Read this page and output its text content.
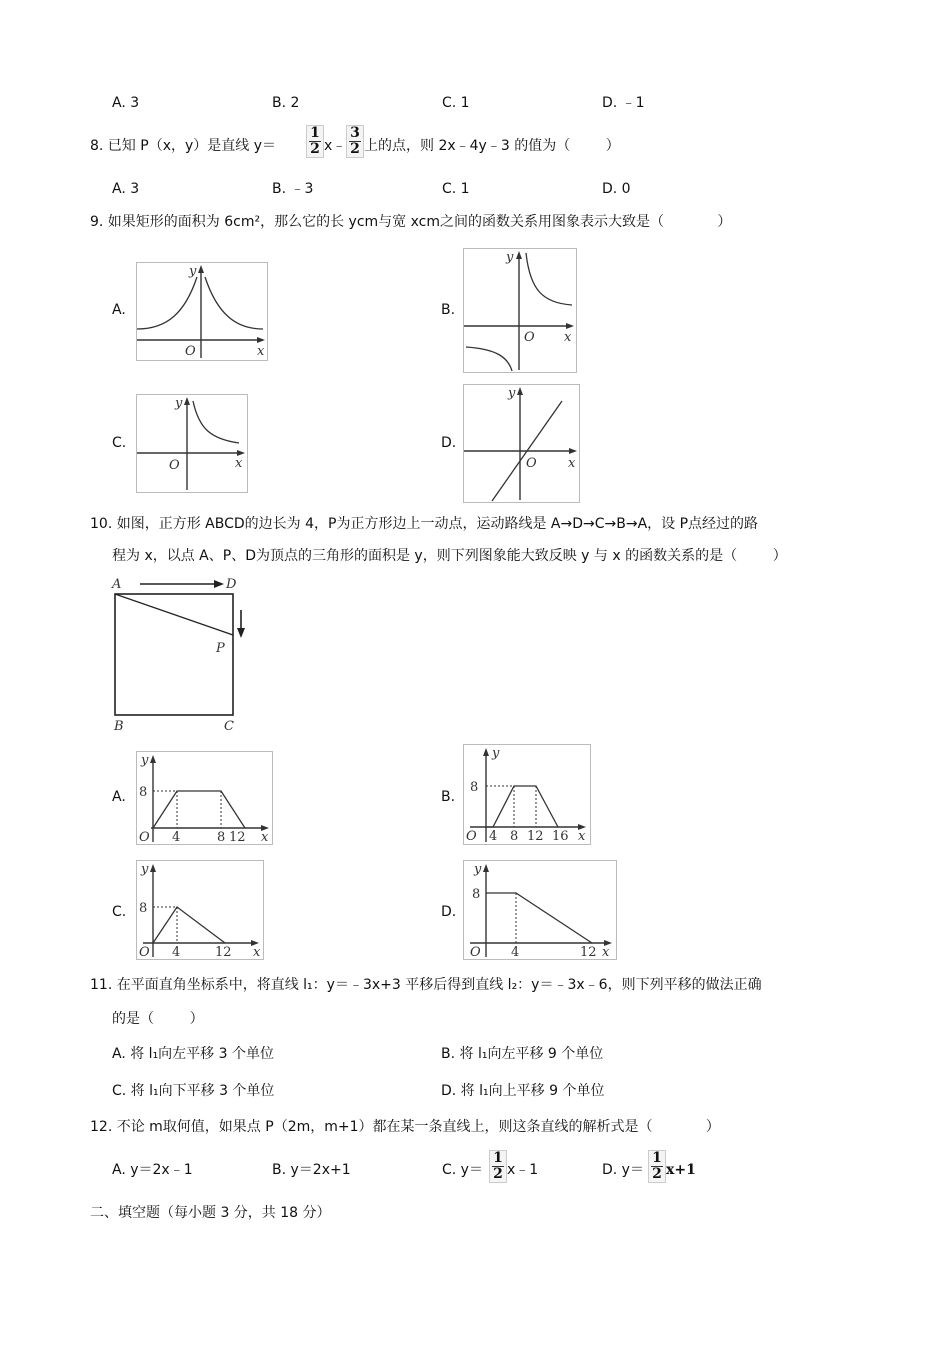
A. 3	B. 2	C. 1	D. ﹣1
8. 已知 P（x，y）是直线 y＝
1
2 x﹣
3
2 上的点，则 2x﹣4y﹣3 的值为（        ）
A. 3	B. ﹣3	C. 1	D. 0
9. 如果矩形的面积为 6cm²，那么它的长 ycm与宽 xcm之间的函数关系用图象表示大致是（            ）
A.
y
x
O
B.
y
x
O
C.
y
x
O
D.
y
x
O
10. 如图，正方形 ABCD的边长为 4，P为正方形边上一动点，运动路线是 A→D→C→B→A，设 P点经过的路
程为 x，以点 A、P、D为顶点的三角形的面积是 y，则下列图象能大致反映 y 与 x 的函数关系的是（        ）
A	D
P
B	C
A. 8
y
O 4	8 12 x
B.
8
y
O 4 8 12 16 x
C. 8
y
O 4	12 x
D.
8
y
O 4	12 x
11. 在平面直角坐标系中，将直线 l₁：y＝﹣3x+3 平移后得到直线 l₂：y＝﹣3x﹣6，则下列平移的做法正确
的是（        ）
A. 将 l₁向左平移 3 个单位	B. 将 l₁向左平移 9 个单位
C. 将 l₁向下平移 3 个单位	D. 将 l₁向上平移 9 个单位
12. 不论 m取何值，如果点 P（2m，m+1）都在某一条直线上，则这条直线的解析式是（            ）
A. y＝2x﹣1	B. y＝2x+1	C. y＝
1
2 x﹣1	D. y＝
1
2 x+1
二、填空题（每小题 3 分，共 18 分）
